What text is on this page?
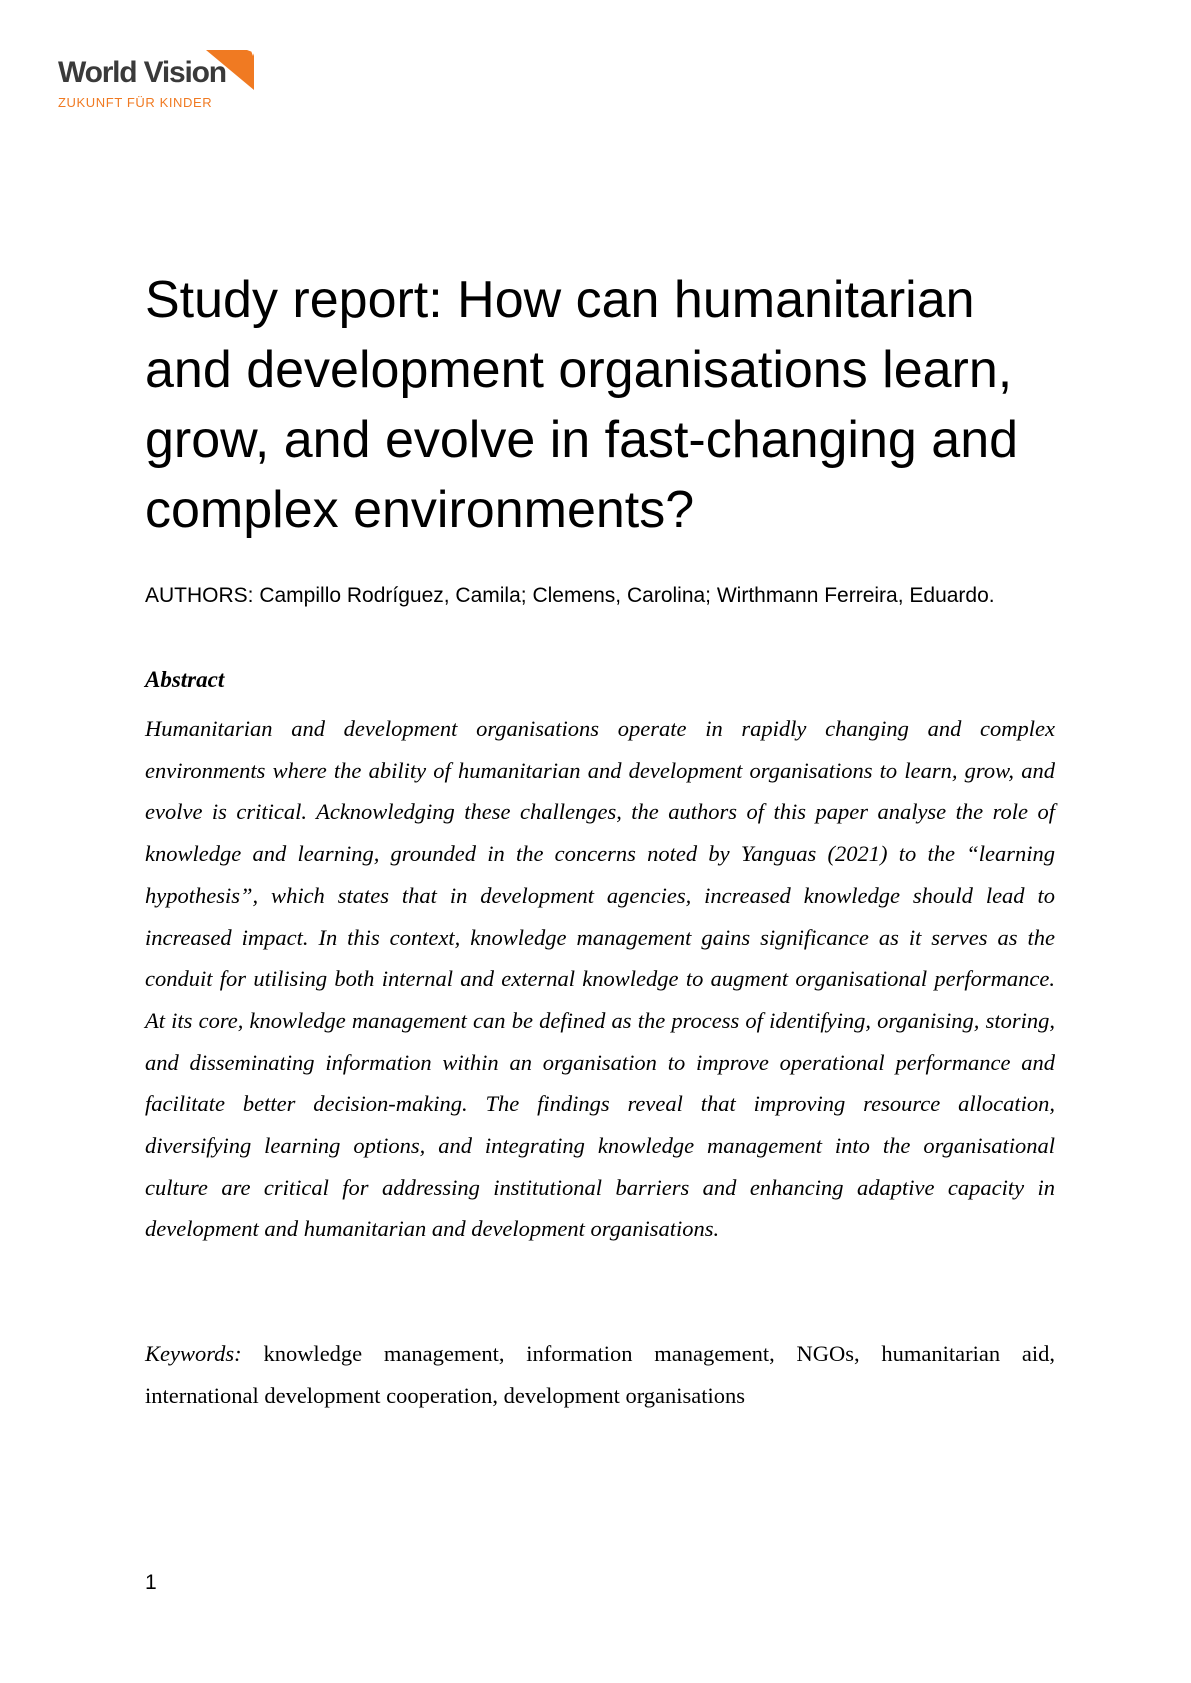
World Vision
ZUKUNFT FÜR KINDER
Study report: How can humanitarian and development organisations learn, grow, and evolve in fast-changing and complex environments?
AUTHORS: Campillo Rodríguez, Camila; Clemens, Carolina; Wirthmann Ferreira, Eduardo.
Abstract

Humanitarian and development organisations operate in rapidly changing and complex environments where the ability of humanitarian and development organisations to learn, grow, and evolve is critical. Acknowledging these challenges, the authors of this paper analyse the role of knowledge and learning, grounded in the concerns noted by Yanguas (2021) to the “learning hypothesis”, which states that in development agencies, increased knowledge should lead to increased impact. In this context, knowledge management gains significance as it serves as the conduit for utilising both internal and external knowledge to augment organisational performance. At its core, knowledge management can be defined as the process of identifying, organising, storing, and disseminating information within an organisation to improve operational performance and facilitate better decision-making. The findings reveal that improving resource allocation, diversifying learning options, and integrating knowledge management into the organisational culture are critical for addressing institutional barriers and enhancing adaptive capacity in development and humanitarian and development organisations.

Keywords: knowledge management, information management, NGOs, humanitarian aid, international development cooperation, development organisations

1
